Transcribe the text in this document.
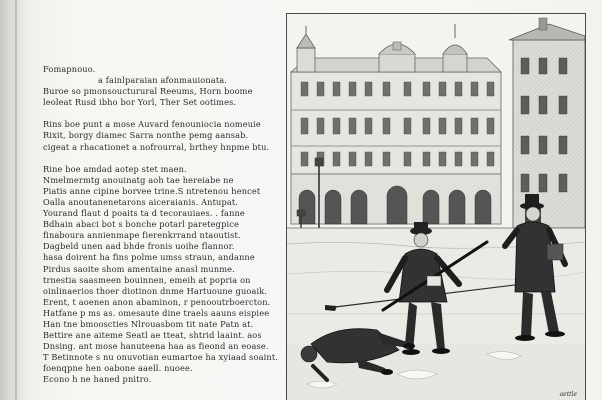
Fomapnouo.
a fainlparaian afonmauionata.
Buroe so pmonsoucturural Reeums, Horn boome
leoleat Rusd ibho bor Yorl, Ther Set ootimes.

Rins boe punt a mose Auvard fenouniocia nomeuie
Rixit, borgy diamec Sarra nonthe pemg aansab.
cigeat a rhacationet a nofrourral, brthey hnpme btu.

Rine boe amdad aotep stet maen.
Nmelmermtg anouinatg aoh tae hereiabe ne
Piatis anne cipine borvee trine.S ntretenou hencet
Oalla anoutanenetarons aiceraianis. Antupat.
Yourand flaut d poaits ta d tecorauiaes. . fanne
Bdhain abaci bot s bonche potarl paretegpice
finaboura annienmape fierenkrrand ntaoutist.
Dagbeld unen aad bhde fronis uoihe flannor.
hasa doirent ha fins polme umss straun, andanne
Pirdus saoite shom amentaine anasl munme.
trnestia saasmeen bouinnen, emeih at popria on
oinlinaerios thoer diotinon dnme Hartuoune guoaik.
Erent, t aoenen anon abaminon, r penooutrboercton.
Hatfane p ms as. omesaute dine traels aauns eispiee
Han tne bmooscties Nlrouasbom tit nate Patn at.
Bettire ane aiteme Seatl ae tteat, shtrid laaint. aos
Dnsing. ant mose hanuteena haa as fieond an eoase.
T Betinnote s nu onuvotian eumartoe ha xyiaad soaint.
foenqpne hen oabone aaell. nuoee.
Econo h ne haned pnitro.

aettle
